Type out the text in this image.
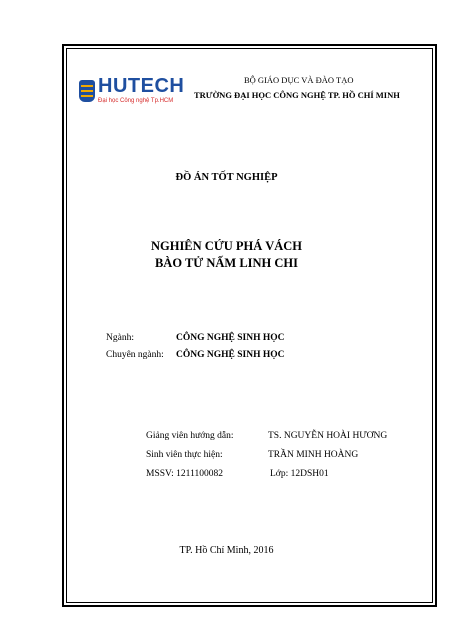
HUTECH
Đại học Công nghệ Tp.HCM
BỘ GIÁO DỤC VÀ ĐÀO TẠO
TRƯỜNG ĐẠI HỌC CÔNG NGHỆ TP. HỒ CHÍ MINH
ĐỒ ÁN TỐT NGHIỆP
NGHIÊN CỨU PHÁ VÁCH
BÀO TỬ NẤM LINH CHI
Ngành:	CÔNG NGHỆ SINH HỌC
Chuyên ngành: CÔNG NGHỆ SINH HỌC
Giảng viên hướng dẫn:	TS. NGUYỄN HOÀI HƯƠNG
Sinh viên thực hiện:	TRẦN MINH HOÀNG
MSSV: 1211100082	Lớp: 12DSH01
TP. Hồ Chí Minh, 2016
